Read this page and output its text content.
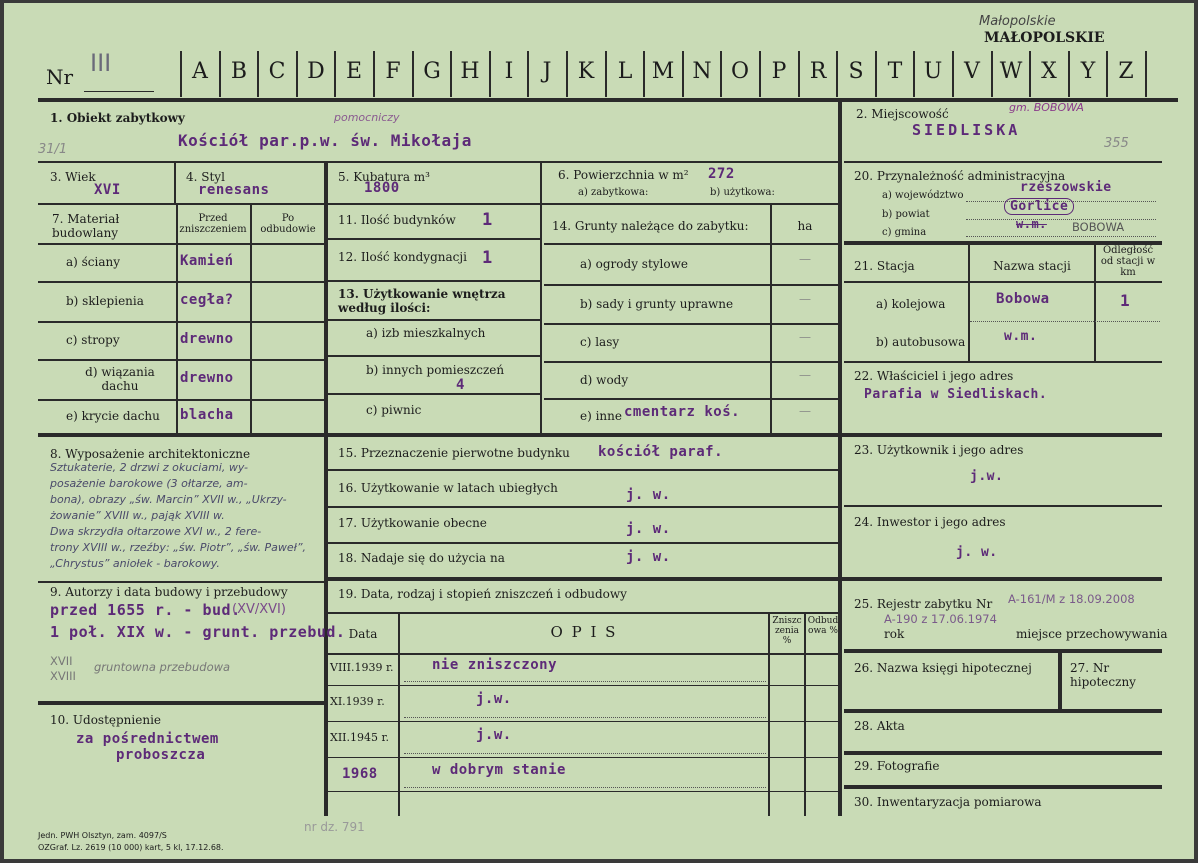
Nr III
Małopolskie
MAŁOPOLSKIE
A	B C D E	F	G H	I	J	K	L M N O	P	R	S	T U V W X	Y	Z
1. Obiekt zabytkowy
Kościół par.p.w. św. Mikołaja
pomocniczy
31/1
2. Miejscowość
SIEDLISKA
gm. BOBOWA
355
3. Wiek
XVI
4. Styl
renesans
5. Kubatura m³
1800
6. Powierzchnia w m² 272
a) zabytkowa:	b) użytkowa:
7. Materiał budowlany
Przed zniszczeniem
Po odbudowie
a) ściany	Kamień
b) sklepienia	cegła?
c) stropy	drewno
d) wiązania dachu	drewno
e) krycie dachu	blacha
11. Ilość budynków 1
12. Ilość kondygnacji 1
13. Użytkowanie wnętrza według ilości:
a) izb mieszkalnych
b) innych pomieszczeń
4
c) piwnic
14. Grunty należące do zabytku:	ha
a) ogrody stylowe	—
b) sady i grunty uprawne	—
c) lasy	—
d) wody	—
e) inne	—
cmentarz koś.
20. Przynależność administracyjna
a) województwo
rzeszowskie
b) powiat
Gorlice
c) gmina
w.m. BOBOWA
21. Stacja	Nazwa stacji
Odległość od stacji w km
a) kolejowa	Bobowa	1
b) autobusowa	w.m.
22. Właściciel i jego adres
Parafia w Siedliskach.
8. Wyposażenie architektoniczne
Sztukaterie, 2 drzwi z okuciami, wy-
posażenie barokowe (3 ołtarze, am-
bona), obrazy „św. Marcin” XVII w., „Ukrzy-
żowanie” XVIII w., pająk XVIII w.
Dwa skrzydła ołtarzowe XVI w., 2 fere-
trony XVIII w., rzeźby: „św. Piotr”, „św. Paweł”,
„Chrystus” aniołek - barokowy.
15. Przeznaczenie pierwotne budynku kościół paraf.
16. Użytkowanie w latach ubiegłych	j. w.
17. Użytkowanie obecne	j. w.
18. Nadaje się do użycia na	j. w.
23. Użytkownik i jego adres
j.w.
24. Inwestor i jego adres
j. w.
9. Autorzy i data budowy i przebudowy
przed 1655 r. - bud.
(XV/XVI)
1 poł. XIX w. - grunt. przebud.
XVII
XVIII
gruntowna przebudowa
10. Udostępnienie
za pośrednictwem
proboszcza
19. Data, rodzaj i stopień zniszczeń i odbudowy
Data	O P I S
Zniszczenia %
Odbudowa %
VIII.1939 r.	nie zniszczony
XI.1939 r.	j.w.
XII.1945 r.	j.w.
1968	w dobrym stanie
25. Rejestr zabytku Nr A-161/M z 18.09.2008
A-190 z 17.06.1974
rok	miejsce przechowywania
26. Nazwa księgi hipotecznej	27. Nr hipoteczny
28. Akta
29. Fotografie
30. Inwentaryzacja pomiarowa
Jedn. PWH Olsztyn, zam. 4097/S
OZGraf. Lz. 2619 (10 000) kart, 5 kl, 17.12.68.
nr dz. 791
